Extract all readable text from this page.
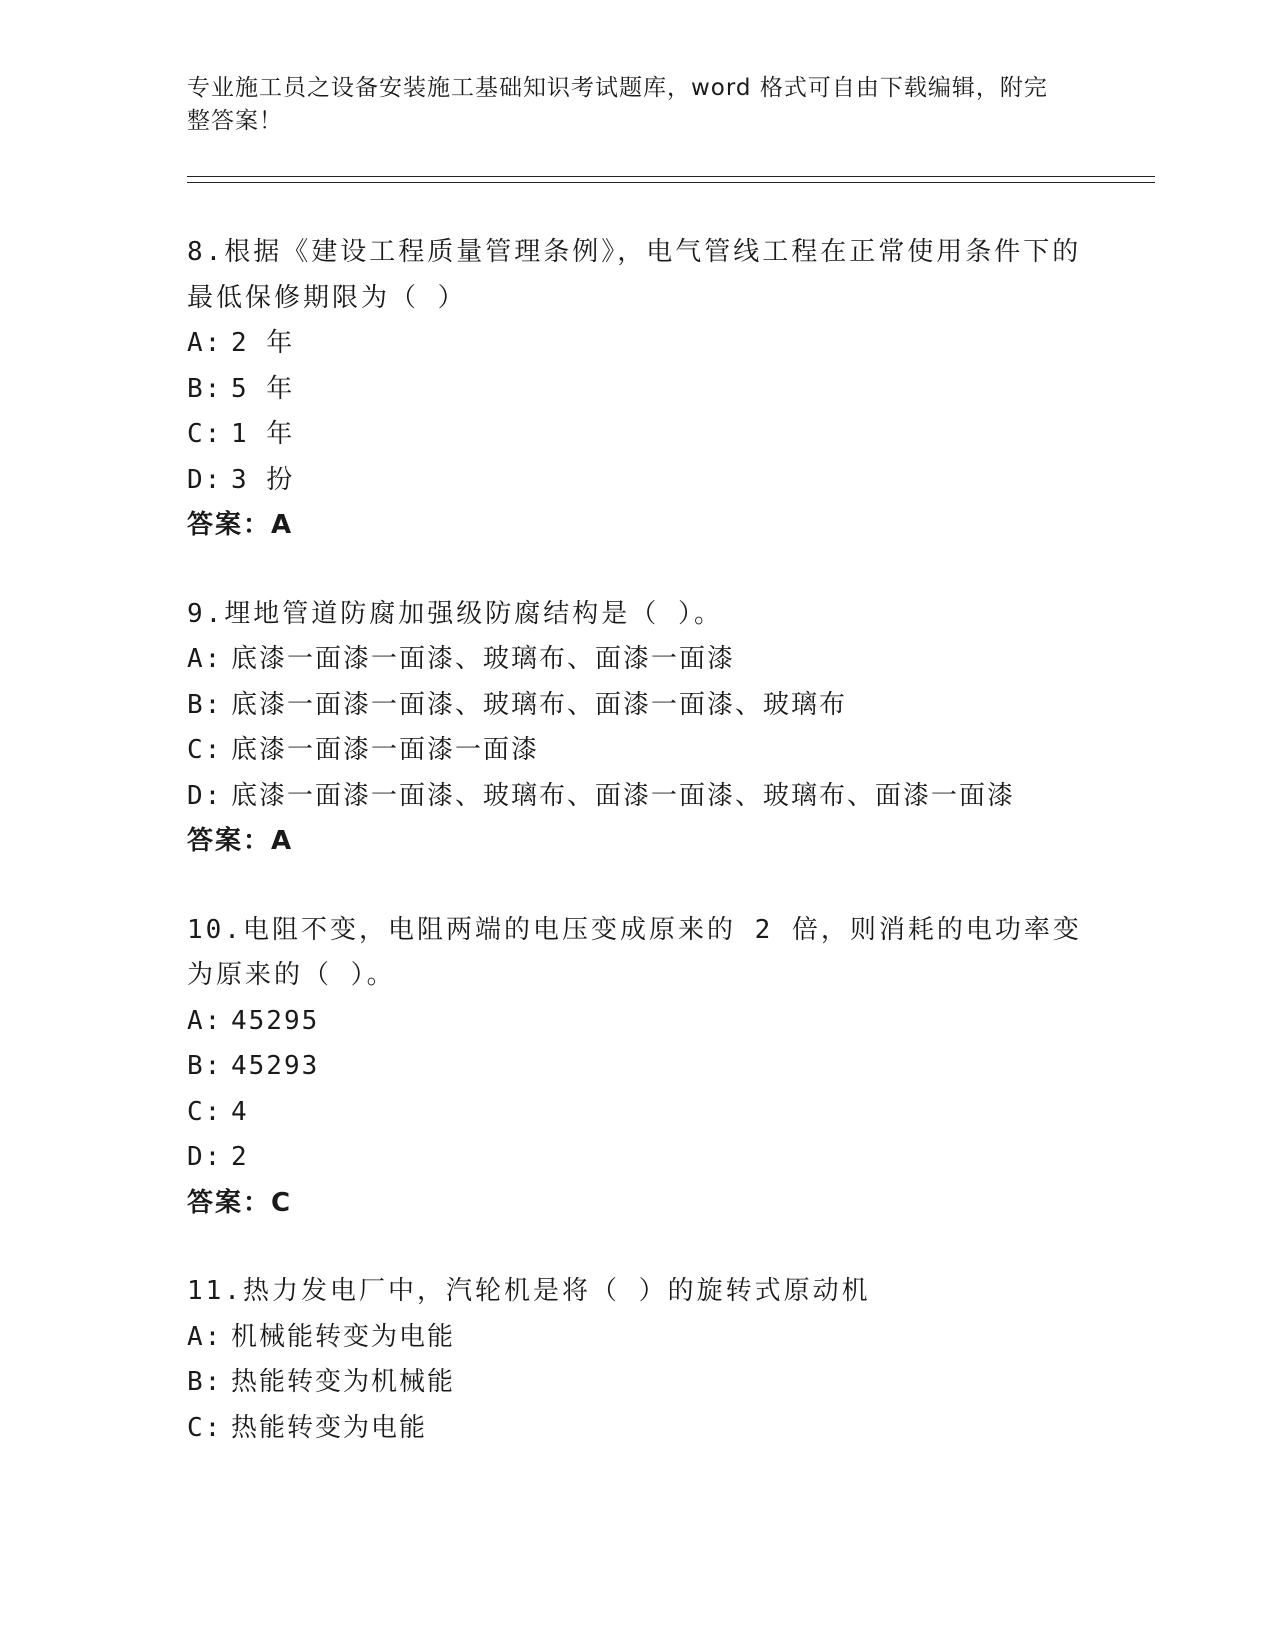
专业施工员之设备安装施工基础知识考试题库，word 格式可自由下载编辑，附完
整答案！
8.根据《建设工程质量管理条例》，电气管线工程在正常使用条件下的最低保修期限为（ ）
A: 2 年
B: 5 年
C: 1 年
D: 3 扮
答案：A
9.埋地管道防腐加强级防腐结构是（ ）。
A: 底漆一面漆一面漆、玻璃布、面漆一面漆
B: 底漆一面漆一面漆、玻璃布、面漆一面漆、玻璃布
C: 底漆一面漆一面漆一面漆
D: 底漆一面漆一面漆、玻璃布、面漆一面漆、玻璃布、面漆一面漆
答案：A
10.电阻不变，电阻两端的电压变成原来的 2 倍，则消耗的电功率变为原来的（ ）。
A: 45295
B: 45293
C: 4
D: 2
答案：C
11.热力发电厂中，汽轮机是将（ ）的旋转式原动机
A: 机械能转变为电能
B: 热能转变为机械能
C: 热能转变为电能
